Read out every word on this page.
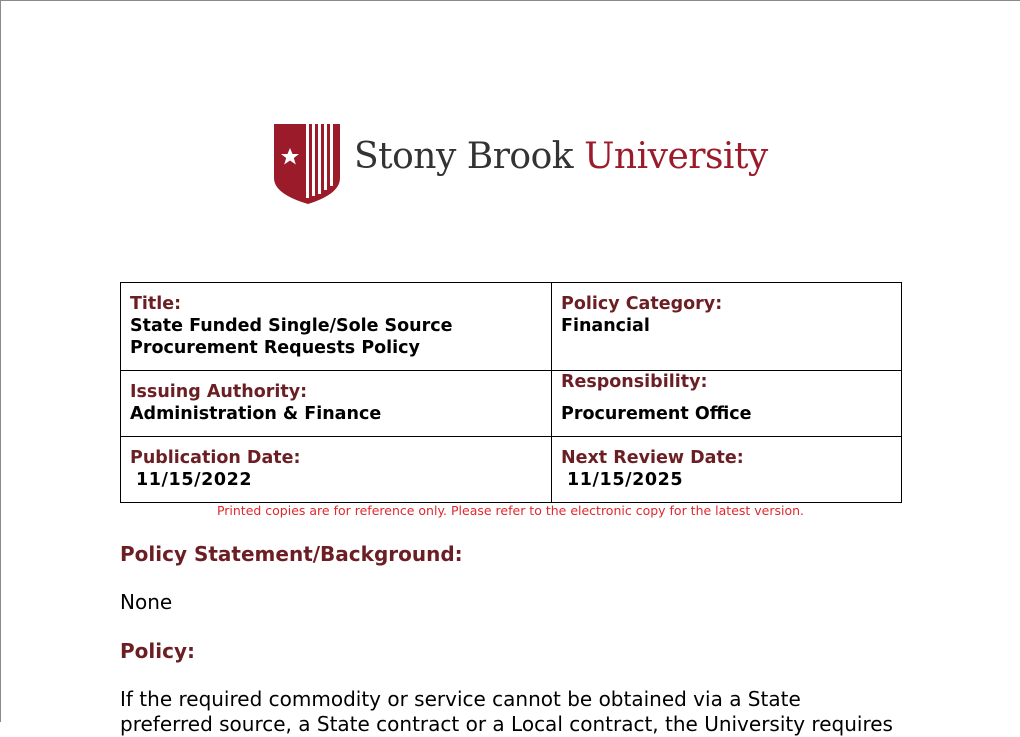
Stony Brook University
Title:
State Funded Single/Sole Source
Procurement Requests Policy	Policy Category:
Financial

Issuing Authority:
Administration & Finance	Responsibility:
Procurement Office

Publication Date:
11/15/2022	Next Review Date:
11/15/2025
Printed copies are for reference only. Please refer to the electronic copy for the latest version.
Policy Statement/Background:
None
Policy:
If the required commodity or service cannot be obtained via a State
preferred source, a State contract or a Local contract, the University requires
